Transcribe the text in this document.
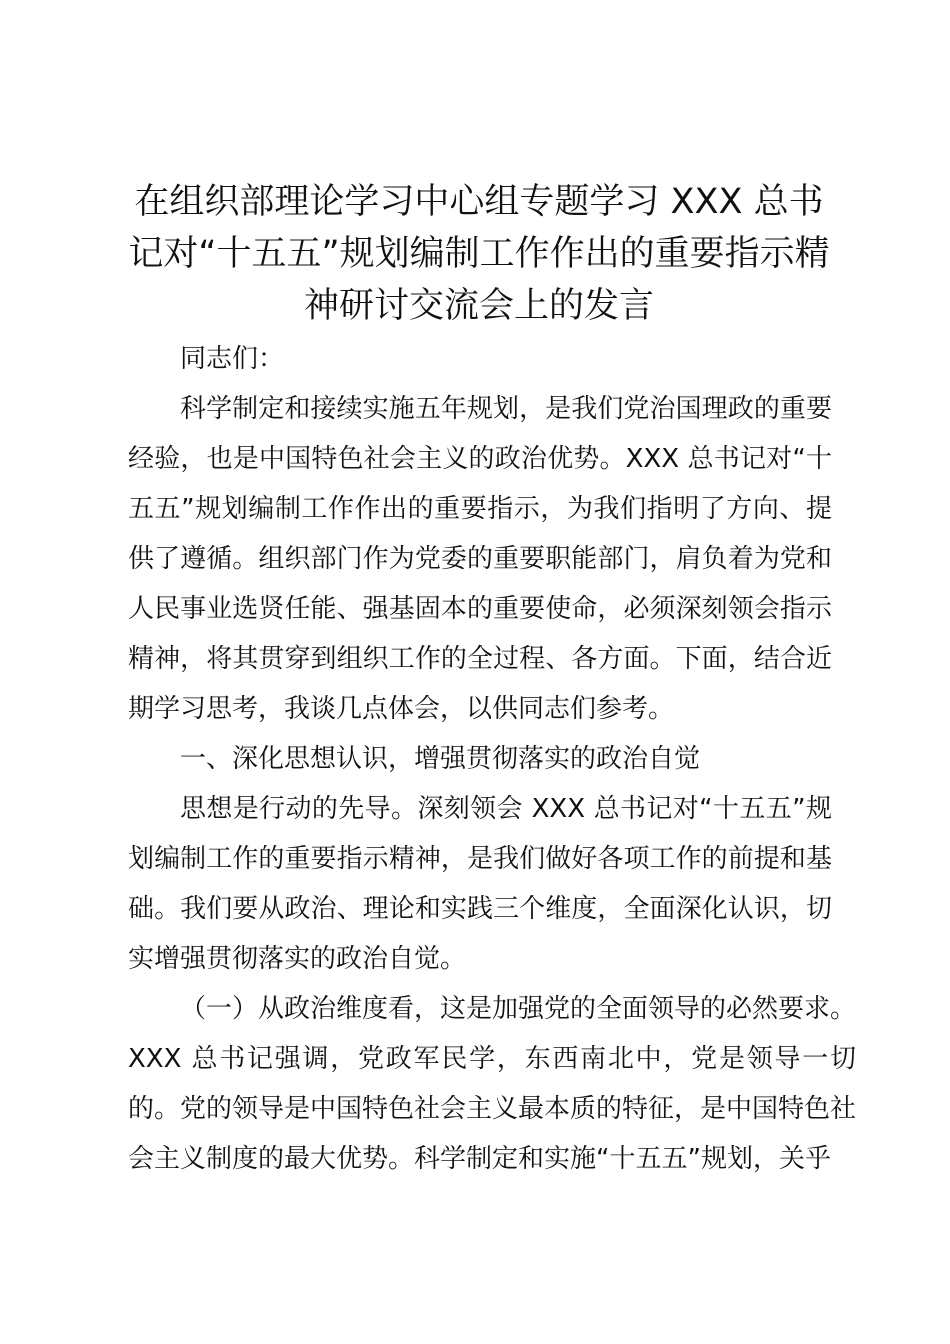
在组织部理论学习中心组专题学习 XXX 总书记对“十五五”规划编制工作作出的重要指示精神研讨交流会上的发言

同志们：

科学制定和接续实施五年规划，是我们党治国理政的重要经验，也是中国特色社会主义的政治优势。XXX 总书记对“十五五”规划编制工作作出的重要指示，为我们指明了方向、提供了遵循。组织部门作为党委的重要职能部门，肩负着为党和人民事业选贤任能、强基固本的重要使命，必须深刻领会指示精神，将其贯穿到组织工作的全过程、各方面。下面，结合近期学习思考，我谈几点体会，以供同志们参考。

一、深化思想认识，增强贯彻落实的政治自觉

思想是行动的先导。深刻领会 XXX 总书记对“十五五”规划编制工作的重要指示精神，是我们做好各项工作的前提和基础。我们要从政治、理论和实践三个维度，全面深化认识，切实增强贯彻落实的政治自觉。

（一）从政治维度看，这是加强党的全面领导的必然要求。XXX 总书记强调，党政军民学，东西南北中，党是领导一切的。党的领导是中国特色社会主义最本质的特征，是中国特色社会主义制度的最大优势。科学制定和实施“十五五”规划，关乎
